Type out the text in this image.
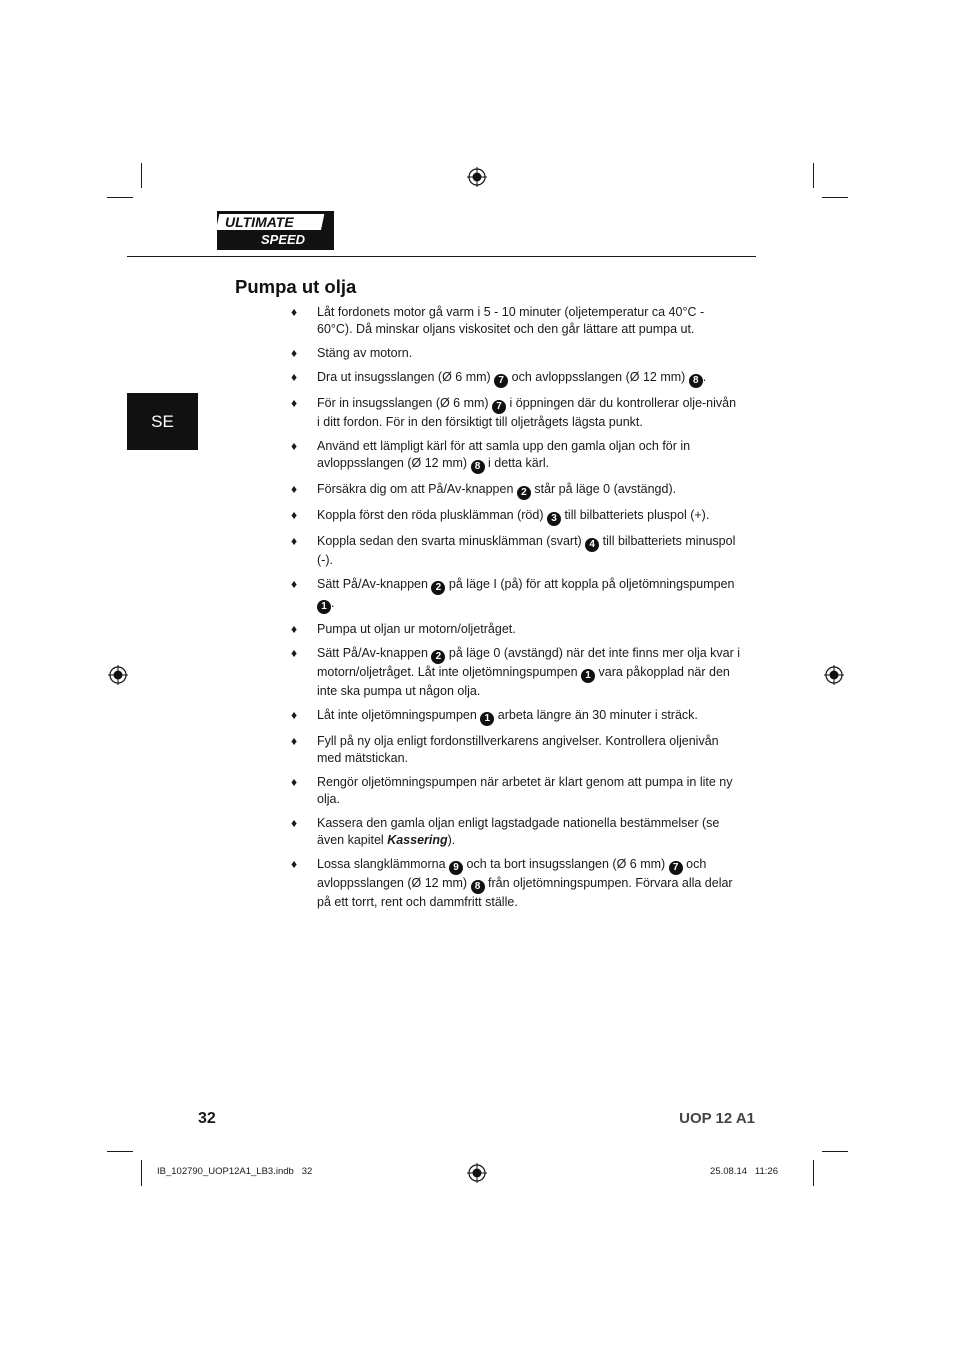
ULTIMATE
SPEED
Pumpa ut olja
SE
♦ Låt fordonets motor gå varm i 5 - 10 minuter (oljetemperatur ca 40°C - 60°C). Då minskar oljans viskositet och den går lättare att pumpa ut.
♦ Stäng av motorn.
♦ Dra ut insugsslangen (Ø 6 mm) 7 och avloppsslangen (Ø 12 mm) 8 .
♦ För in insugsslangen (Ø 6 mm) 7 i öppningen där du kontrollerar olje-nivån i ditt fordon. För in den försiktigt till oljetrågets lägsta punkt.
♦ Använd ett lämpligt kärl för att samla upp den gamla oljan och för in avloppsslangen (Ø 12 mm) 8 i detta kärl.
♦ Försäkra dig om att På/Av-knappen 2 står på läge 0 (avstängd).
♦ Koppla först den röda plusklämman (röd) 3 till bilbatteriets pluspol (+).
♦ Koppla sedan den svarta minusklämman (svart) 4 till bilbatteriets minuspol (-).
♦ Sätt På/Av-knappen 2 på läge I (på) för att koppla på oljetömningspumpen 1 .
♦ Pumpa ut oljan ur motorn/oljetråget.
♦ Sätt På/Av-knappen 2 på läge 0 (avstängd) när det inte finns mer olja kvar i motorn/oljetråget. Låt inte oljetömningspumpen 1 vara påkopplad när den inte ska pumpa ut någon olja.
♦ Låt inte oljetömningspumpen 1 arbeta längre än 30 minuter i sträck.
♦ Fyll på ny olja enligt fordonstillverkarens angivelser. Kontrollera oljenivån med mätstickan.
♦ Rengör oljetömningspumpen när arbetet är klart genom att pumpa in lite ny olja.
♦ Kassera den gamla oljan enligt lagstadgade nationella bestämmelser (se även kapitel Kassering).
♦ Lossa slangklämmorna 9 och ta bort insugsslangen (Ø 6 mm) 7 och avloppsslangen (Ø 12 mm) 8 från oljetömningspumpen. Förvara alla delar på ett torrt, rent och dammfritt ställe.
32	UOP 12 A1
IB_102790_UOP12A1_LB3.indb   32	25.08.14   11:26
